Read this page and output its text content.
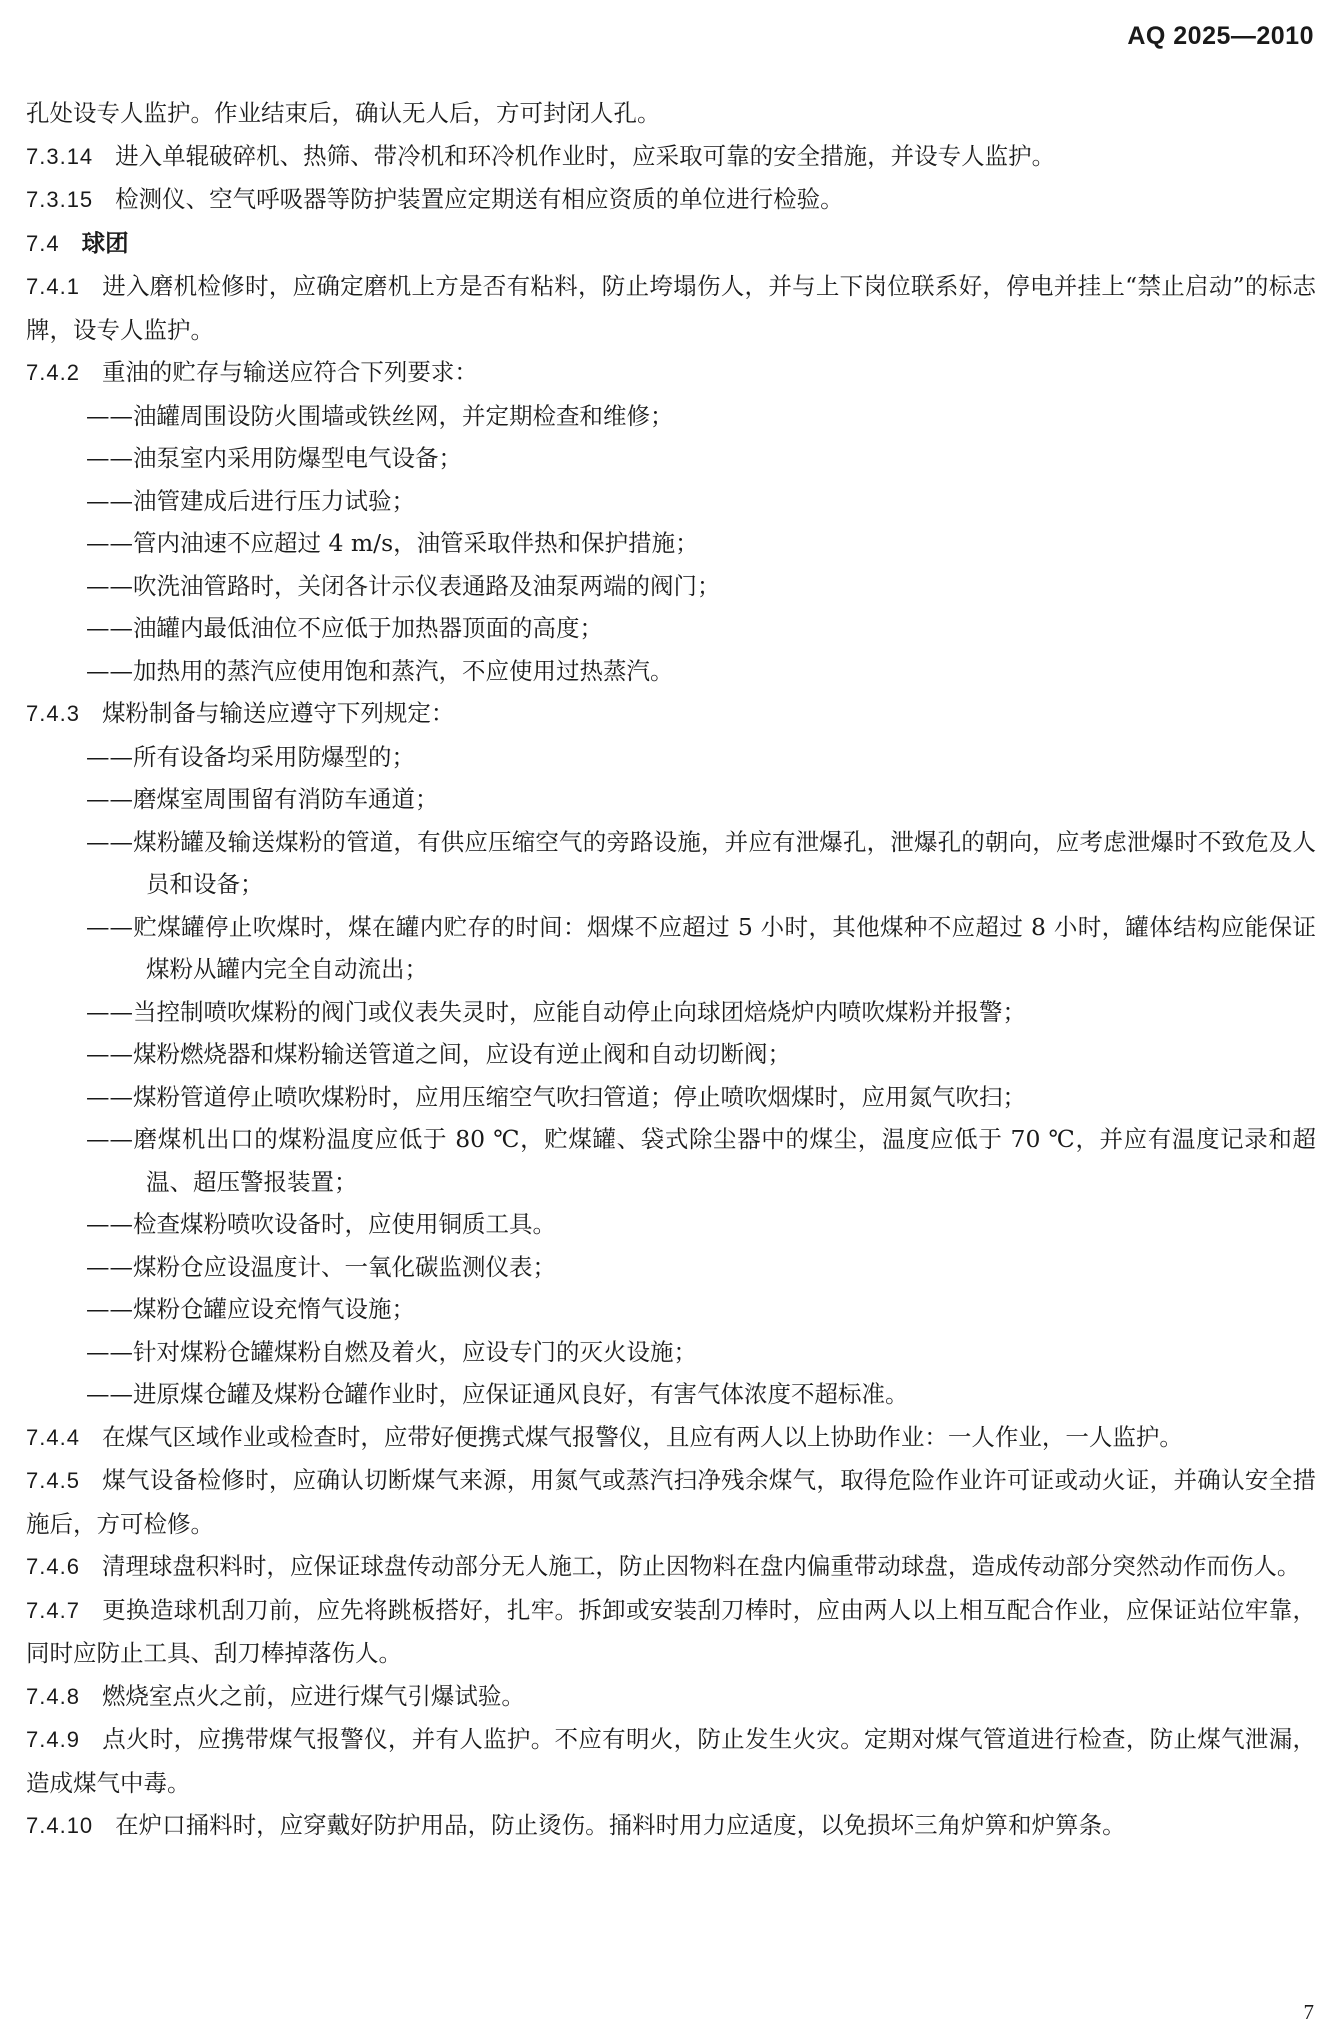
AQ 2025—2010

孔处设专人监护。作业结束后，确认无人后，方可封闭人孔。

7.3.14 进入单辊破碎机、热筛、带冷机和环冷机作业时，应采取可靠的安全措施，并设专人监护。

7.3.15 检测仪、空气呼吸器等防护装置应定期送有相应资质的单位进行检验。

7.4 球团

7.4.1 进入磨机检修时，应确定磨机上方是否有粘料，防止垮塌伤人，并与上下岗位联系好，停电并挂上“禁止启动”的标志牌，设专人监护。

7.4.2 重油的贮存与输送应符合下列要求：

——油罐周围设防火围墙或铁丝网，并定期检查和维修；
——油泵室内采用防爆型电气设备；
——油管建成后进行压力试验；
——管内油速不应超过 4 m/s，油管采取伴热和保护措施；
——吹洗油管路时，关闭各计示仪表通路及油泵两端的阀门；
——油罐内最低油位不应低于加热器顶面的高度；
——加热用的蒸汽应使用饱和蒸汽，不应使用过热蒸汽。

7.4.3 煤粉制备与输送应遵守下列规定：

——所有设备均采用防爆型的；
——磨煤室周围留有消防车通道；
——煤粉罐及输送煤粉的管道，有供应压缩空气的旁路设施，并应有泄爆孔，泄爆孔的朝向，应考虑泄爆时不致危及人员和设备；
——贮煤罐停止吹煤时，煤在罐内贮存的时间：烟煤不应超过 5 小时，其他煤种不应超过 8 小时，罐体结构应能保证煤粉从罐内完全自动流出；
——当控制喷吹煤粉的阀门或仪表失灵时，应能自动停止向球团焙烧炉内喷吹煤粉并报警；
——煤粉燃烧器和煤粉输送管道之间，应设有逆止阀和自动切断阀；
——煤粉管道停止喷吹煤粉时，应用压缩空气吹扫管道；停止喷吹烟煤时，应用氮气吹扫；
——磨煤机出口的煤粉温度应低于 80 ℃，贮煤罐、袋式除尘器中的煤尘，温度应低于 70 ℃，并应有温度记录和超温、超压警报装置；
——检查煤粉喷吹设备时，应使用铜质工具。
——煤粉仓应设温度计、一氧化碳监测仪表；
——煤粉仓罐应设充惰气设施；
——针对煤粉仓罐煤粉自燃及着火，应设专门的灭火设施；
——进原煤仓罐及煤粉仓罐作业时，应保证通风良好，有害气体浓度不超标准。

7.4.4 在煤气区域作业或检查时，应带好便携式煤气报警仪，且应有两人以上协助作业：一人作业，一人监护。

7.4.5 煤气设备检修时，应确认切断煤气来源，用氮气或蒸汽扫净残余煤气，取得危险作业许可证或动火证，并确认安全措施后，方可检修。

7.4.6 清理球盘积料时，应保证球盘传动部分无人施工，防止因物料在盘内偏重带动球盘，造成传动部分突然动作而伤人。

7.4.7 更换造球机刮刀前，应先将跳板搭好，扎牢。拆卸或安装刮刀棒时，应由两人以上相互配合作业，应保证站位牢靠，同时应防止工具、刮刀棒掉落伤人。

7.4.8 燃烧室点火之前，应进行煤气引爆试验。

7.4.9 点火时，应携带煤气报警仪，并有人监护。不应有明火，防止发生火灾。定期对煤气管道进行检查，防止煤气泄漏，造成煤气中毒。

7.4.10 在炉口捅料时，应穿戴好防护用品，防止烫伤。捅料时用力应适度，以免损坏三角炉箅和炉箅条。

7
